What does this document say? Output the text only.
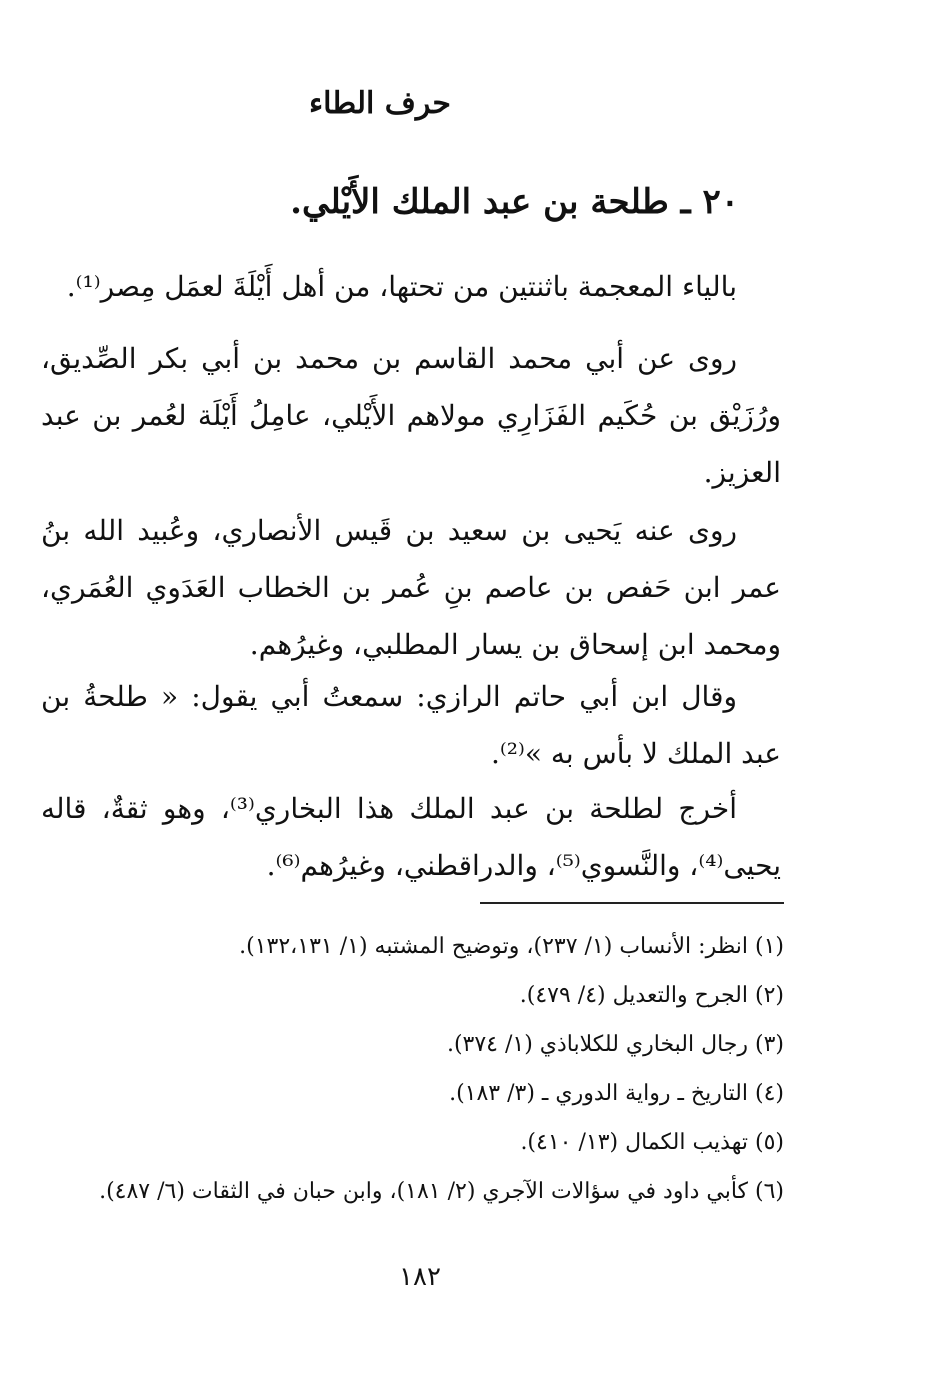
حرف الطاء
٢٠ ـ طلحة بن عبد الملك الأَيْلي.

بالياء المعجمة باثنتين من تحتها، من أهل أَيْلَةَ لعمَل مِصر⁽¹⁾.

روى عن أبي محمد القاسم بن محمد بن أبي بكر الصِّديق، ورُزَيْق بن حُكَيم الفَزَارِي مولاهم الأَيْلي، عامِلُ أَيْلَة لعُمر بن عبد العزيز.

روى عنه يَحيى بن سعيد بن قَيس الأنصاري، وعُبيد الله بنُ عمر ابن حَفص بن عاصم بنِ عُمر بن الخطاب العَدَوي العُمَري، ومحمد ابن إسحاق بن يسار المطلبي، وغيرُهم.

وقال ابن أبي حاتم الرازي: سمعتُ أبي يقول: « طلحةُ بن عبد الملك لا بأس به »⁽²⁾.

أخرج لطلحة بن عبد الملك هذا البخاري⁽³⁾، وهو ثقةٌ، قاله يحيى⁽⁴⁾، والنَّسوي⁽⁵⁾، والدراقطني، وغيرُهم⁽⁶⁾.

(١) انظر: الأنساب (١/ ٢٣٧)، وتوضيح المشتبه (١/ ١٣٢،١٣١).
(٢) الجرح والتعديل (٤/ ٤٧٩).
(٣) رجال البخاري للكلاباذي (١/ ٣٧٤).
(٤) التاريخ ـ رواية الدوري ـ (٣/ ١٨٣).
(٥) تهذيب الكمال (١٣/ ٤١٠).
(٦) كأبي داود في سؤالات الآجري (٢/ ١٨١)، وابن حبان في الثقات (٦/ ٤٨٧).
١٨٢
